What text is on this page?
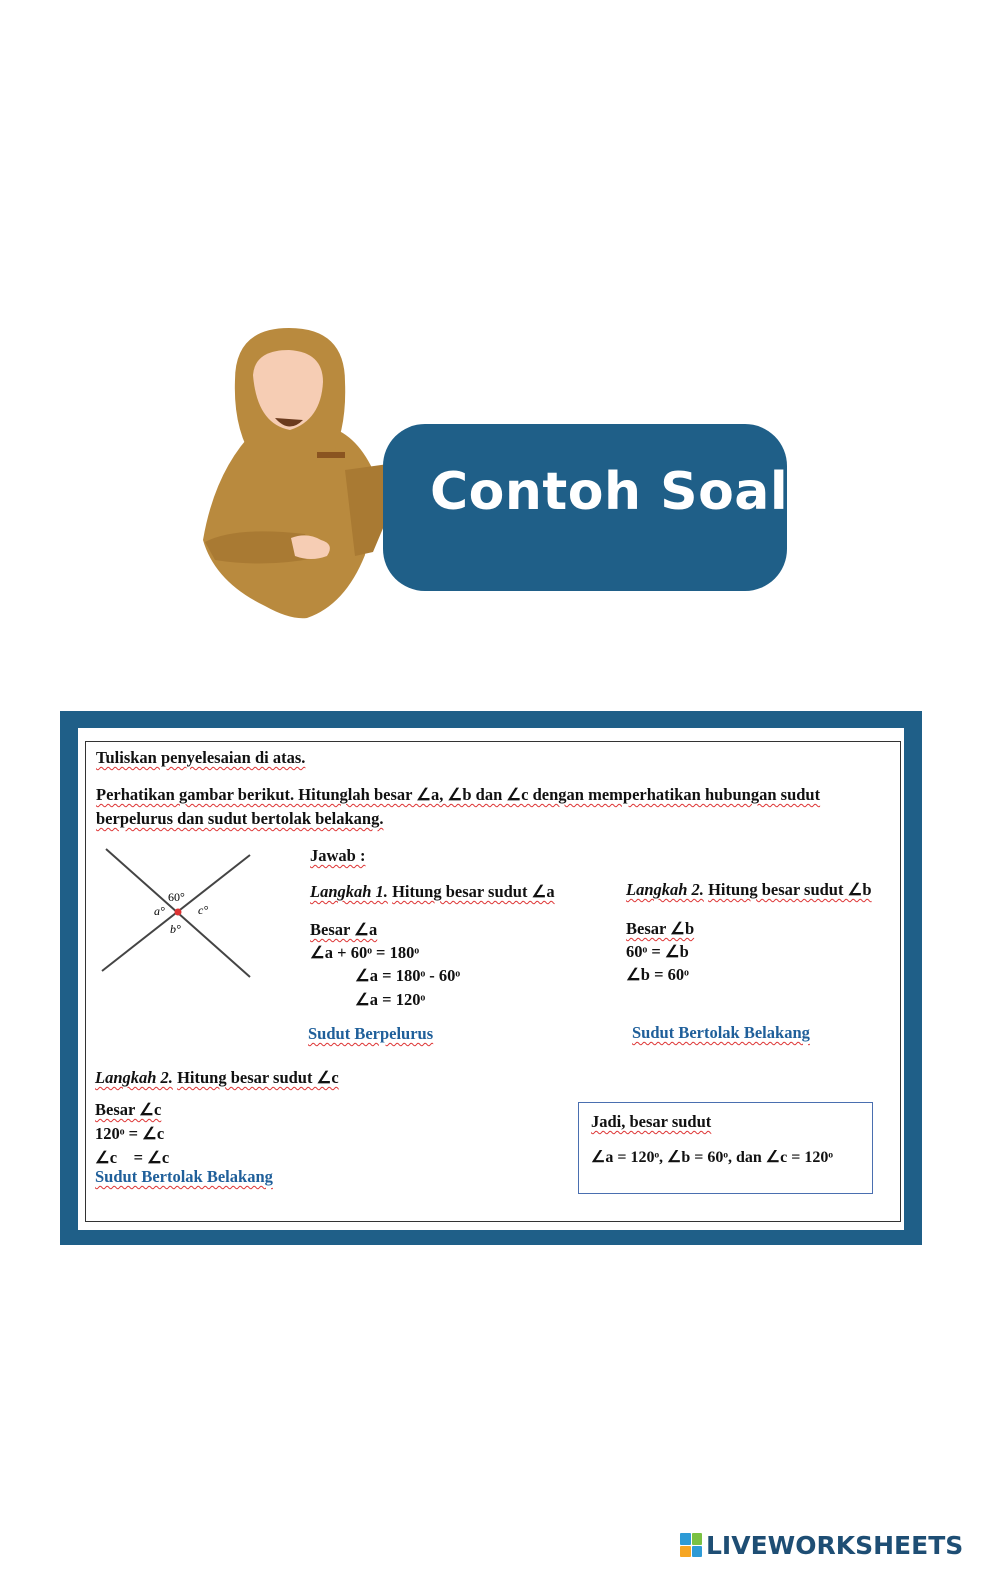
Contoh Soal
Tuliskan penyelesaian di atas.
Perhatikan gambar berikut. Hitunglah besar ∠a, ∠b dan ∠c dengan memperhatikan hubungan sudut
berpelurus dan sudut bertolak belakang.
60°
a°	c°
b°
Jawab :
Langkah 1. Hitung besar sudut ∠a
Besar ∠a
∠a + 60ᵒ = 180ᵒ
∠a = 180ᵒ - 60ᵒ
∠a = 120ᵒ
Sudut Berpelurus
Langkah 2. Hitung besar sudut ∠b
Besar ∠b
60ᵒ = ∠b
∠b = 60ᵒ
Sudut Bertolak Belakang
Langkah 2. Hitung besar sudut ∠c
Besar ∠c
120ᵒ = ∠c
∠c    = ∠c
Sudut Bertolak Belakang
Jadi, besar sudut
∠a = 120ᵒ, ∠b = 60ᵒ, dan ∠c = 120ᵒ
LIVEWORKSHEETS
